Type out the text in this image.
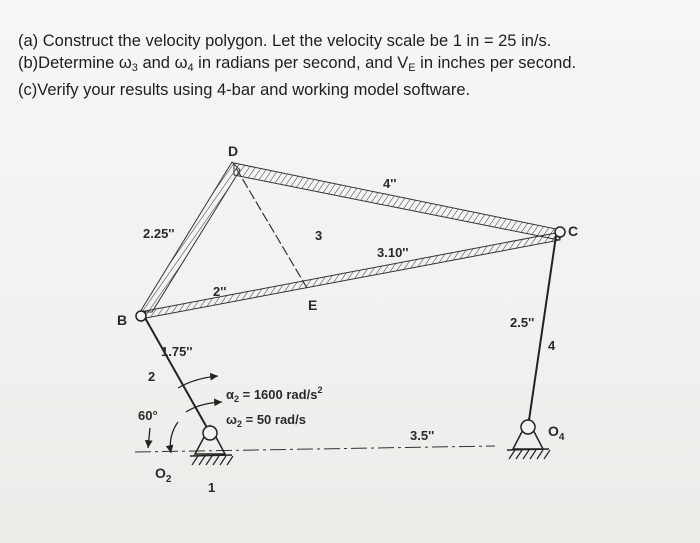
(a) Construct the velocity polygon. Let the velocity scale be 1 in = 25 in/s.
(b)Determine $\omega_3$ and $\omega_4$ in radians per second, and $V_E$ in inches per second.
(c)Verify your results using 4-bar and working model software.
D
C
B
E
4''
2.25''	3
3.10''
2''
2.5''
4
1.75''
2
60°
3.5''
1
$O_2$
$O_4$
$\alpha_2 = 1600$ rad/$s^2$
$\omega_2 = 50$ rad/s
